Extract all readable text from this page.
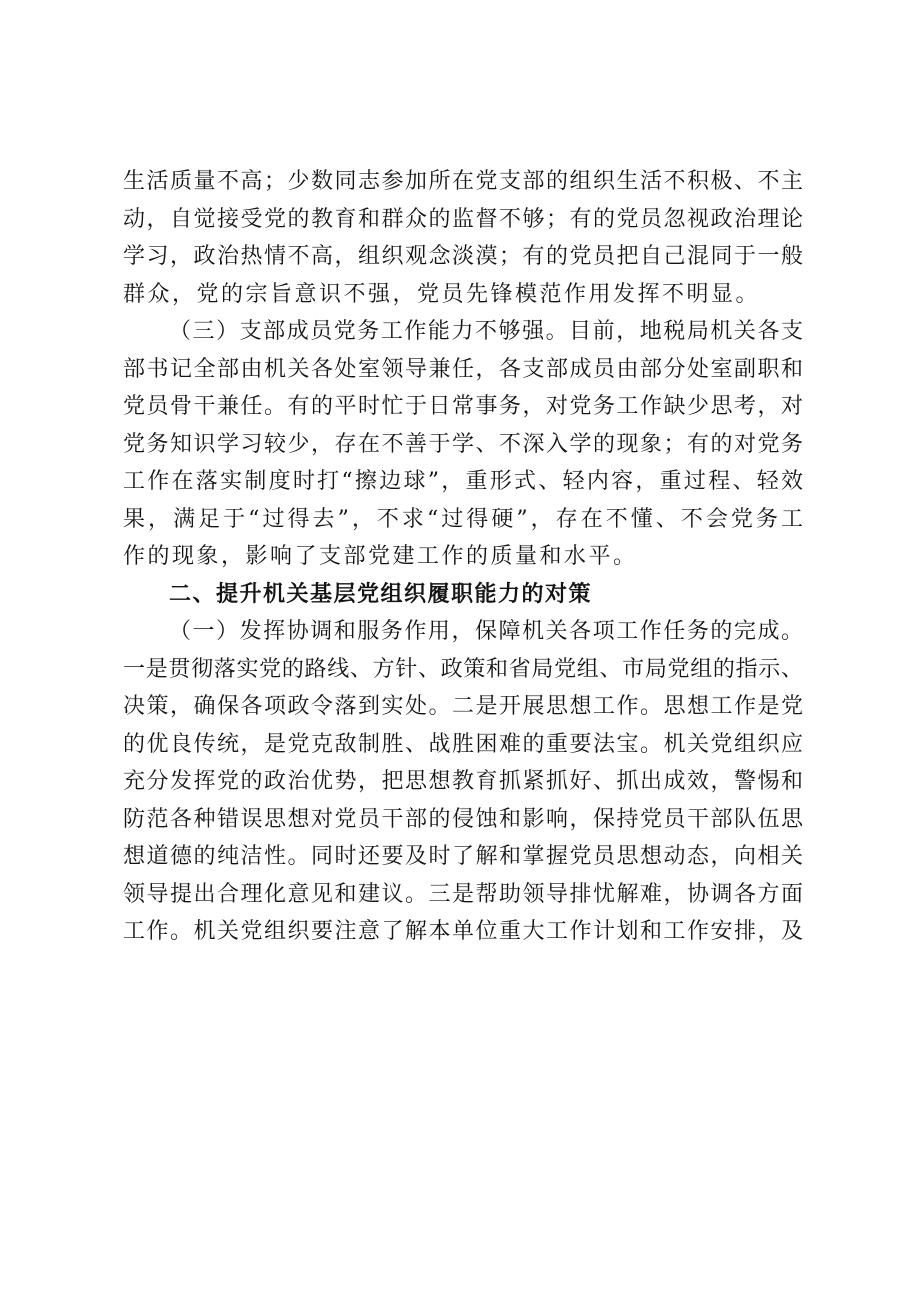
生活质量不高；少数同志参加所在党支部的组织生活不积极、不主
动，自觉接受党的教育和群众的监督不够；有的党员忽视政治理论
学习，政治热情不高，组织观念淡漠；有的党员把自己混同于一般
群众，党的宗旨意识不强，党员先锋模范作用发挥不明显。
（三）支部成员党务工作能力不够强。目前，地税局机关各支
部书记全部由机关各处室领导兼任，各支部成员由部分处室副职和
党员骨干兼任。有的平时忙于日常事务，对党务工作缺少思考，对
党务知识学习较少，存在不善于学、不深入学的现象；有的对党务
工作在落实制度时打“擦边球”，重形式、轻内容，重过程、轻效
果，满足于“过得去”，不求“过得硬”，存在不懂、不会党务工
作的现象，影响了支部党建工作的质量和水平。
二、提升机关基层党组织履职能力的对策
（一）发挥协调和服务作用，保障机关各项工作任务的完成。
一是贯彻落实党的路线、方针、政策和省局党组、市局党组的指示、
决策，确保各项政令落到实处。二是开展思想工作。思想工作是党
的优良传统，是党克敌制胜、战胜困难的重要法宝。机关党组织应
充分发挥党的政治优势，把思想教育抓紧抓好、抓出成效，警惕和
防范各种错误思想对党员干部的侵蚀和影响，保持党员干部队伍思
想道德的纯洁性。同时还要及时了解和掌握党员思想动态，向相关
领导提出合理化意见和建议。三是帮助领导排忧解难，协调各方面
工作。机关党组织要注意了解本单位重大工作计划和工作安排，及
